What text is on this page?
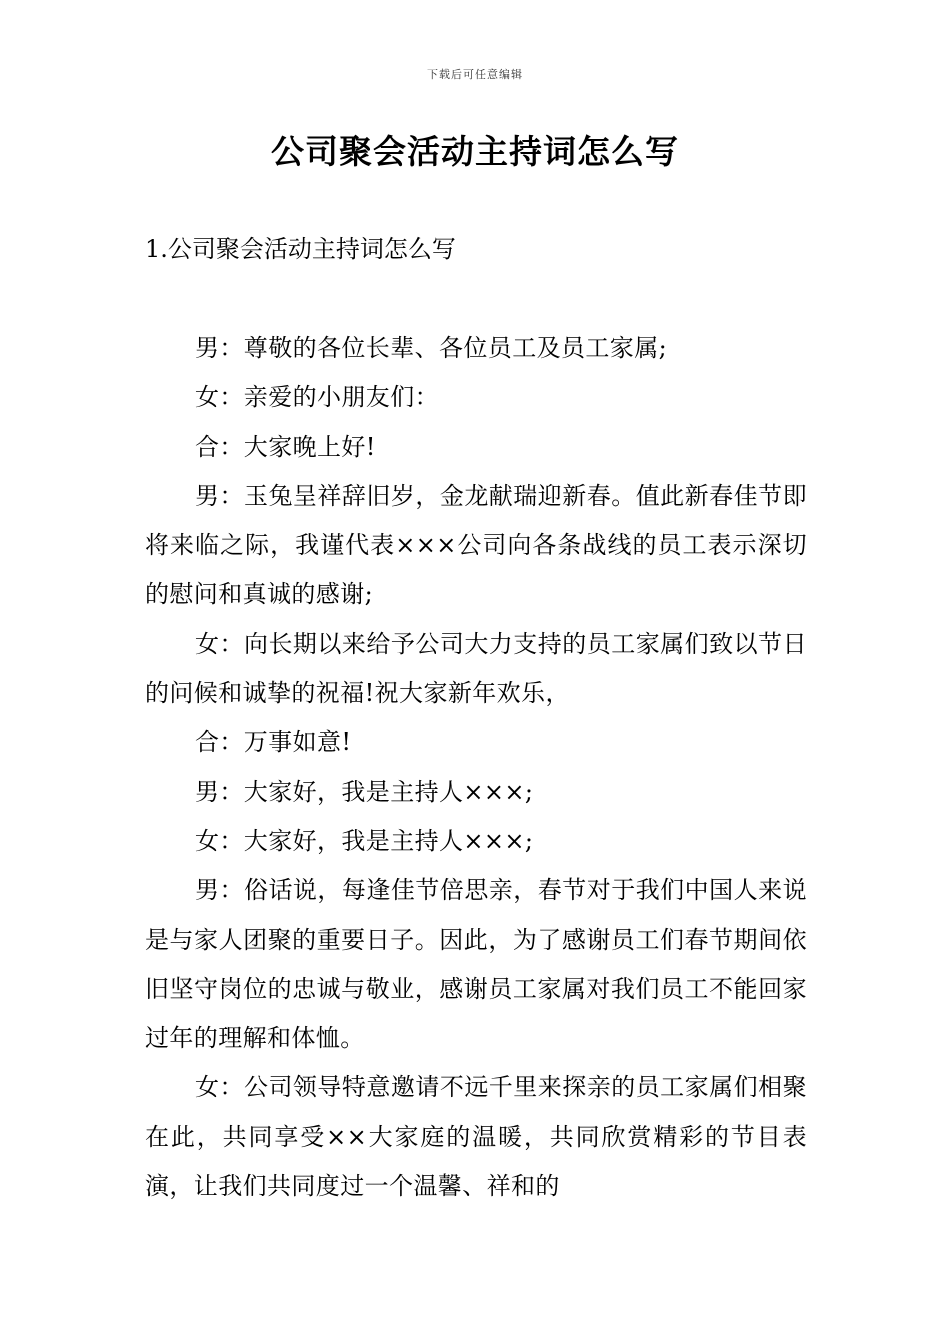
下载后可任意编辑
公司聚会活动主持词怎么写
1.公司聚会活动主持词怎么写

男：尊敬的各位长辈、各位员工及员工家属;

女：亲爱的小朋友们：

合：大家晚上好!

男：玉兔呈祥辞旧岁，金龙献瑞迎新春。值此新春佳节即将来临之际，我谨代表×××公司向各条战线的员工表示深切的慰问和真诚的感谢;

女：向长期以来给予公司大力支持的员工家属们致以节日的问候和诚挚的祝福!祝大家新年欢乐，

合：万事如意!

男：大家好，我是主持人×××;

女：大家好，我是主持人×××;

男：俗话说，每逢佳节倍思亲，春节对于我们中国人来说是与家人团聚的重要日子。因此，为了感谢员工们春节期间依旧坚守岗位的忠诚与敬业，感谢员工家属对我们员工不能回家过年的理解和体恤。

女：公司领导特意邀请不远千里来探亲的员工家属们相聚在此，共同享受××大家庭的温暖，共同欣赏精彩的节目表演，让我们共同度过一个温馨、祥和的
